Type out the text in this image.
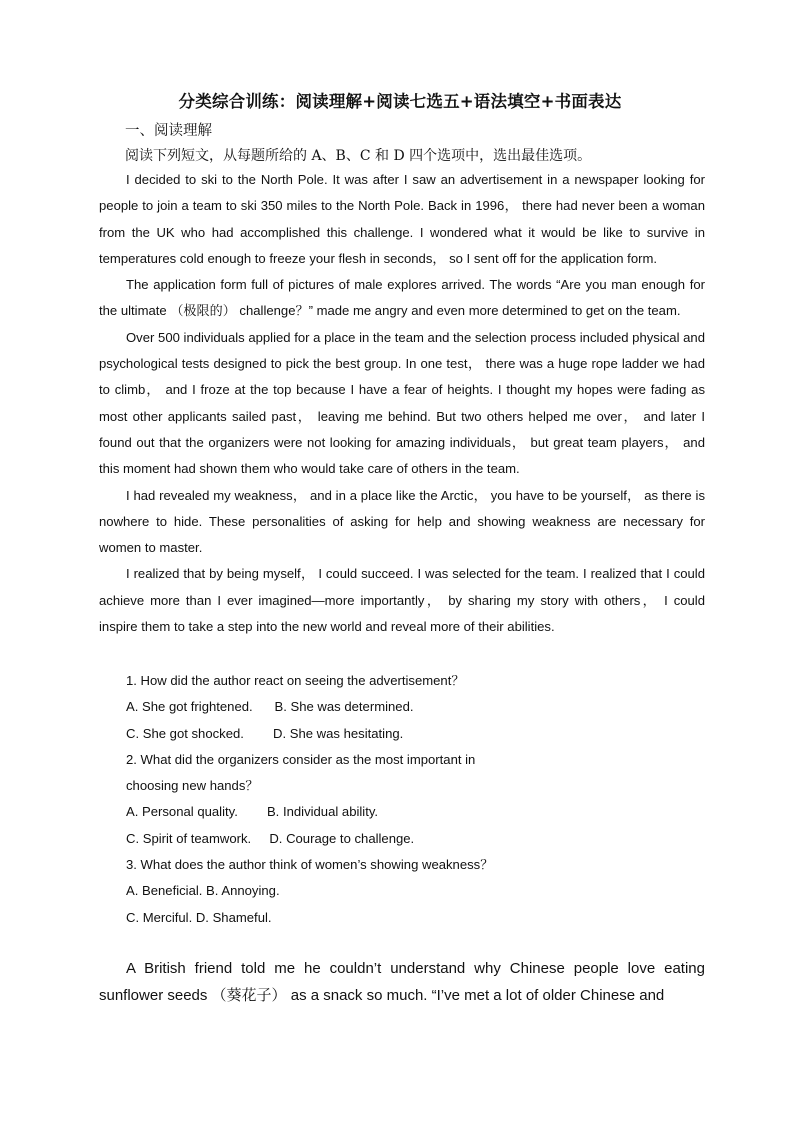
分类综合训练：阅读理解+阅读七选五+语法填空+书面表达
一、阅读理解
阅读下列短文，从每题所给的 A、B、C 和 D 四个选项中，选出最佳选项。

I decided to ski to the North Pole. It was after I saw an advertisement in a newspaper looking for people to join a team to ski 350 miles to the North Pole. Back in 1996， there had never been a woman from the UK who had accomplished this challenge. I wondered what it would be like to survive in temperatures cold enough to freeze your flesh in seconds， so I sent off for the application form.

The application form full of pictures of male explores arrived. The words “Are you man enough for the ultimate （极限的） challenge？” made me angry and even more determined to get on the team.

Over 500 individuals applied for a place in the team and the selection process included physical and psychological tests designed to pick the best group. In one test， there was a huge rope ladder we had to climb， and I froze at the top because I have a fear of heights. I thought my hopes were fading as most other applicants sailed past， leaving me behind. But two others helped me over， and later I found out that the organizers were not looking for amazing individuals， but great team players， and this moment had shown them who would take care of others in the team.

I had revealed my weakness， and in a place like the Arctic， you have to be yourself， as there is nowhere to hide. These personalities of asking for help and showing weakness are necessary for women to master.

I realized that by being myself， I could succeed. I was selected for the team. I realized that I could achieve more than I ever imagined—more importantly， by sharing my story with others， I could inspire them to take a step into the new world and reveal more of their abilities.

1. How did the author react on seeing the advertisement？

A. She got frightened.      B. She was determined.

C. She got shocked.        D. She was hesitating.

2. What did the organizers consider as the most important in

choosing new hands？

A. Personal quality.        B. Individual ability.

C. Spirit of teamwork.     D. Courage to challenge.

3. What does the author think of women’s showing weakness？

A. Beneficial. B. Annoying.

C. Merciful. D. Shameful.

A British friend told me he couldn’t understand why Chinese people love eating sunflower seeds （葵花子） as a snack so much. “I’ve met a lot of older Chinese and
